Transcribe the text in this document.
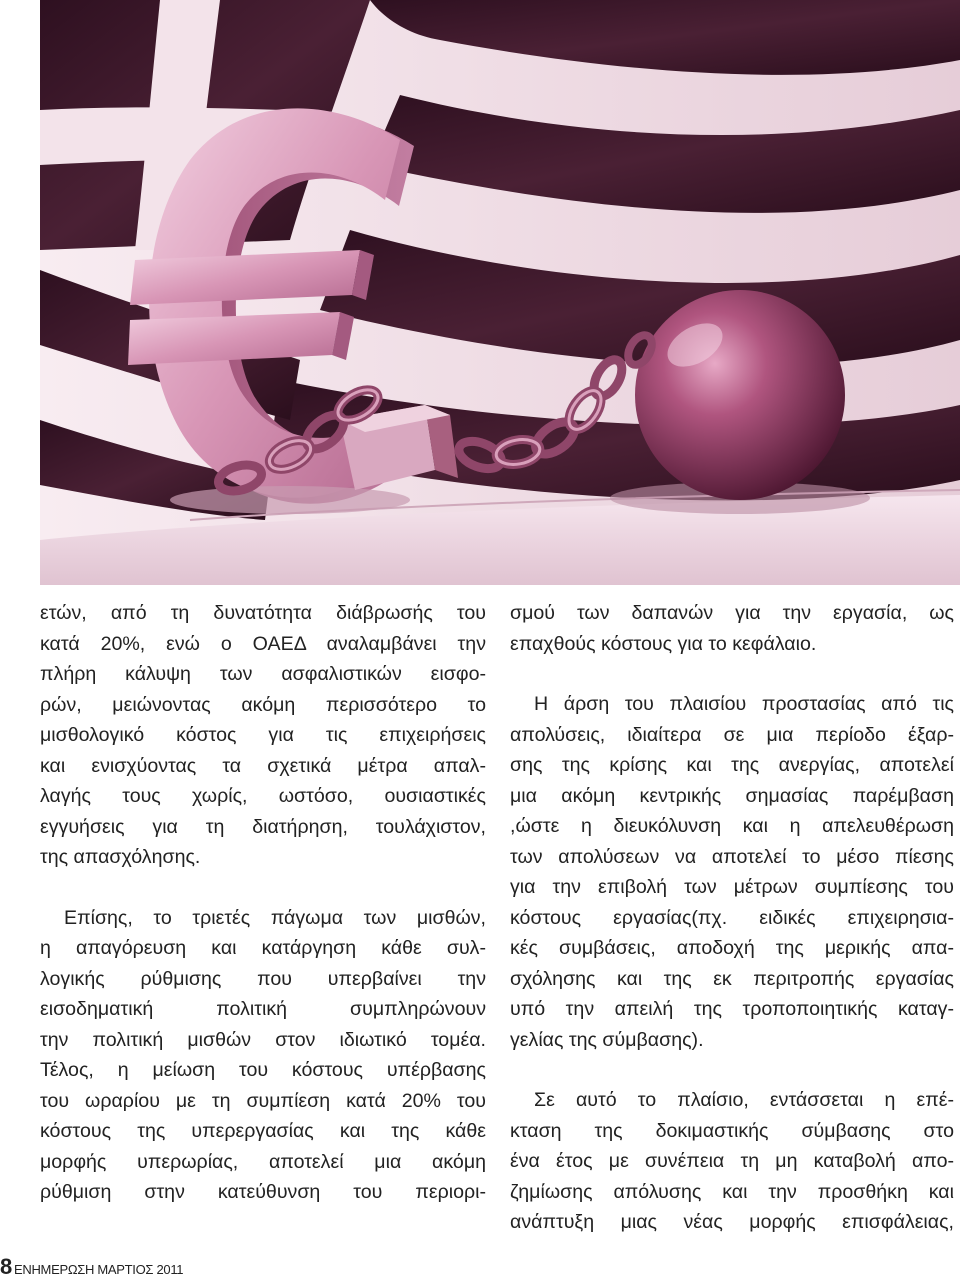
ετών, από τη δυνατότητα διάβρωσής του
κατά 20%, ενώ ο ΟΑΕΔ αναλαμβάνει την
πλήρη κάλυψη των ασφαλιστικών εισφο-
ρών, μειώνοντας ακόμη περισσότερο το
μισθολογικό κόστος για τις επιχειρήσεις
και ενισχύοντας τα σχετικά μέτρα απαλ-
λαγής τους χωρίς, ωστόσο, ουσιαστικές
εγγυήσεις για τη διατήρηση, τουλάχιστον,
της απασχόλησης.

Επίσης, το τριετές πάγωμα των μισθών,
η απαγόρευση και κατάργηση κάθε συλ-
λογικής ρύθμισης που υπερβαίνει την
εισοδηματική πολιτική συμπληρώνουν
την πολιτική μισθών στον ιδιωτικό τομέα.
Τέλος, η μείωση του κόστους υπέρβασης
του ωραρίου με τη συμπίεση κατά 20% του
κόστους της υπερεργασίας και της κάθε
μορφής υπερωρίας, αποτελεί μια ακόμη
ρύθμιση στην κατεύθυνση του περιορι-

σμού των δαπανών για την εργασία, ως
επαχθούς κόστους για το κεφάλαιο.

Η άρση του πλαισίου προστασίας από τις
απολύσεις, ιδιαίτερα σε μια περίοδο έξαρ-
σης της κρίσης και της ανεργίας, αποτελεί
μια ακόμη κεντρικής σημασίας παρέμβαση
,ώστε η διευκόλυνση και η απελευθέρωση
των απολύσεων να αποτελεί το μέσο πίεσης
για την επιβολή των μέτρων συμπίεσης του
κόστους εργασίας(πχ. ειδικές επιχειρησια-
κές συμβάσεις, αποδοχή της μερικής απα-
σχόλησης και της εκ περιτροπής εργασίας
υπό την απειλή της τροποποιητικής καταγ-
γελίας της σύμβασης).

Σε αυτό το πλαίσιο, εντάσσεται η επέ-
κταση της δοκιμαστικής σύμβασης στο
ένα έτος με συνέπεια τη μη καταβολή απο-
ζημίωσης απόλυσης και την προσθήκη και
ανάπτυξη μιας νέας μορφής επισφάλειας,

8 ΕΝΗΜΕΡΩΣΗ ΜΑΡΤΙΟΣ 2011
